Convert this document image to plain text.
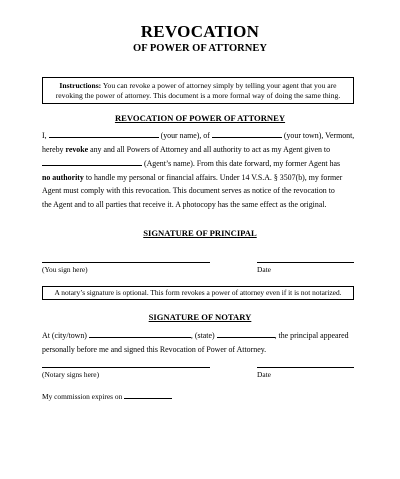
REVOCATION
OF POWER OF ATTORNEY
Instructions: You can revoke a power of attorney simply by telling your agent that you are revoking the power of attorney. This document is a more formal way of doing the same thing.
REVOCATION OF POWER OF ATTORNEY
I,	(your name), of	(your town), Vermont,
hereby revoke any and all Powers of Attorney and all authority to act as my Agent given to
(Agent’s name). From this date forward, my former Agent has
no authority to handle my personal or financial affairs. Under 14 V.S.A. § 3507(b), my former
Agent must comply with this revocation. This document serves as notice of the revocation to
the Agent and to all parties that receive it. A photocopy has the same effect as the original.
SIGNATURE OF PRINCIPAL
(You sign here)	Date
A notary’s signature is optional. This form revokes a power of attorney even if it is not notarized.
SIGNATURE OF NOTARY
At (city/town)	, (state)	, the principal appeared
personally before me and signed this Revocation of Power of Attorney.
(Notary signs here)	Date
My commission expires on
